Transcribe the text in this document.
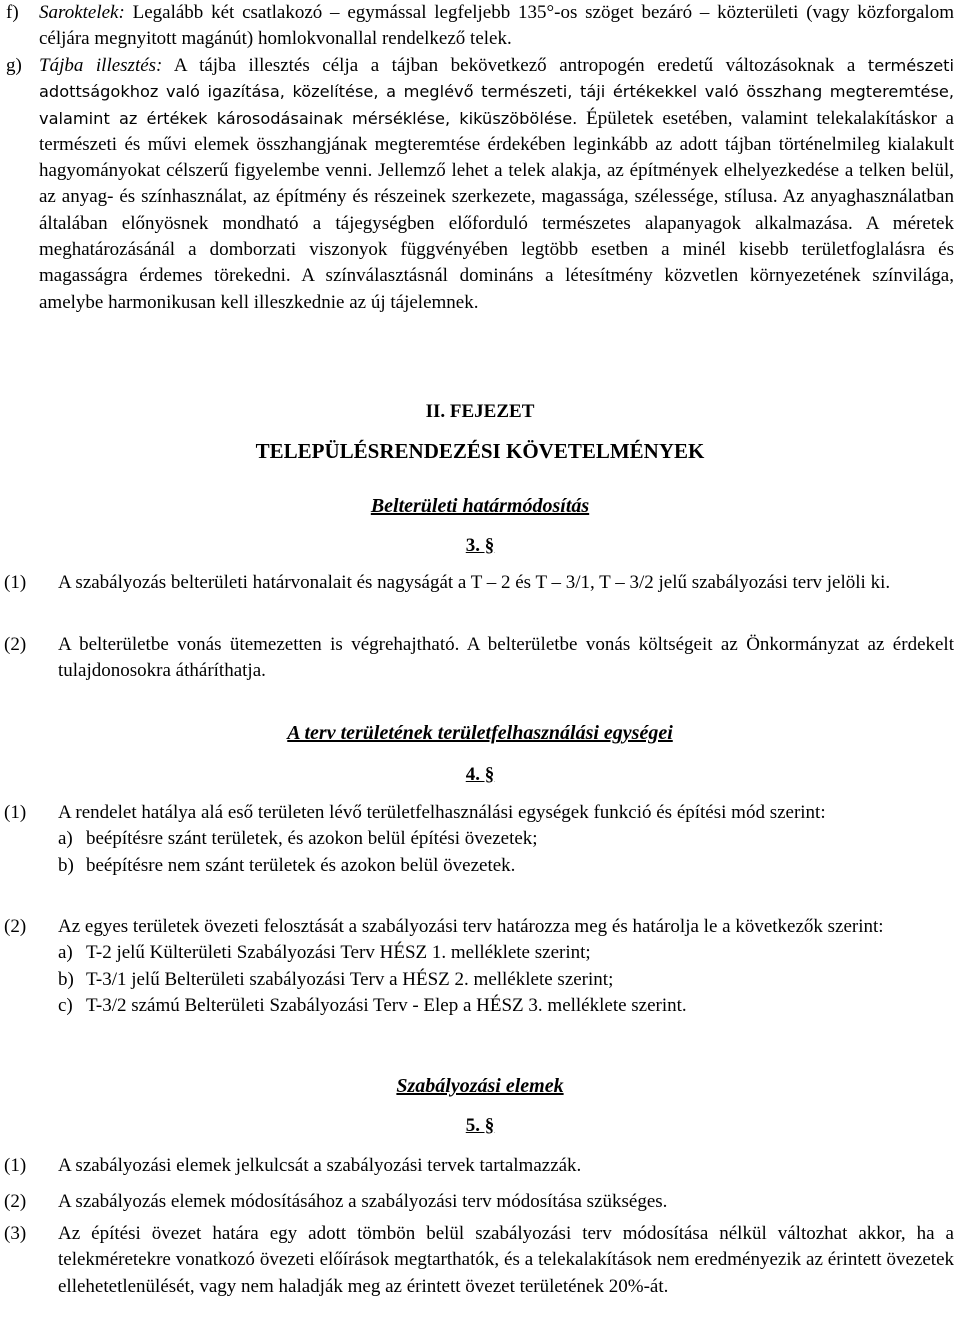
f) Saroktelek: Legalább két csatlakozó – egymással legfeljebb 135°-os szöget bezáró – közterületi (vagy közforgalom céljára megnyitott magánút) homlokvonallal rendelkező telek.
g) Tájba illesztés: A tájba illesztés célja a tájban bekövetkező antropogén eredetű változásoknak a természeti adottságokhoz való igazítása, közelítése, a meglévő természeti, táji értékekkel való összhang megteremtése, valamint az értékek károsodásainak mérséklése, kiküszöbölése. Épületek esetében, valamint telekalakításkor a természeti és művi elemek összhangjának megteremtése érdekében leginkább az adott tájban történelmileg kialakult hagyományokat célszerű figyelembe venni. Jellemző lehet a telek alakja, az építmények elhelyezkedése a telken belül, az anyag- és színhasználat, az építmény és részeinek szerkezete, magassága, szélessége, stílusa. Az anyaghasználatban általában előnyösnek mondható a tájegységben előforduló természetes alapanyagok alkalmazása. A méretek meghatározásánál a domborzati viszonyok függvényében legtöbb esetben a minél kisebb területfoglalásra és magasságra érdemes törekedni. A színválasztásnál domináns a létesítmény közvetlen környezetének színvilága, amelybe harmonikusan kell illeszkednie az új tájelemnek.
II. FEJEZET
TELEPÜLÉSRENDEZÉSI KÖVETELMÉNYEK
Belterületi határmódosítás
3. §
(1) A szabályozás belterületi határvonalait és nagyságát a T – 2 és T – 3/1, T – 3/2 jelű szabályozási terv jelöli ki.
(2) A belterületbe vonás ütemezetten is végrehajtható. A belterületbe vonás költségeit az Önkormányzat az érdekelt tulajdonosokra átháríthatja.
A terv területének területfelhasználási egységei
4. §
(1) A rendelet hatálya alá eső területen lévő területfelhasználási egységek funkció és építési mód szerint:
a) beépítésre szánt területek, és azokon belül építési övezetek;
b) beépítésre nem szánt területek és azokon belül övezetek.
(2) Az egyes területek övezeti felosztását a szabályozási terv határozza meg és határolja le a következők szerint:
a) T-2 jelű Külterületi Szabályozási Terv HÉSZ 1. melléklete szerint;
b) T-3/1 jelű Belterületi szabályozási Terv a HÉSZ 2. melléklete szerint;
c) T-3/2 számú Belterületi Szabályozási Terv - Elep a HÉSZ 3. melléklete szerint.
Szabályozási elemek
5. §
(1) A szabályozási elemek jelkulcsát a szabályozási tervek tartalmazzák.
(2) A szabályozás elemek módosításához a szabályozási terv módosítása szükséges.
(3) Az építési övezet határa egy adott tömbön belül szabályozási terv módosítása nélkül változhat akkor, ha a telekméretekre vonatkozó övezeti előírások megtarthatók, és a telekalakítások nem eredményezik az érintett övezetek ellehetetlenülését, vagy nem haladják meg az érintett övezet területének 20%-át.
